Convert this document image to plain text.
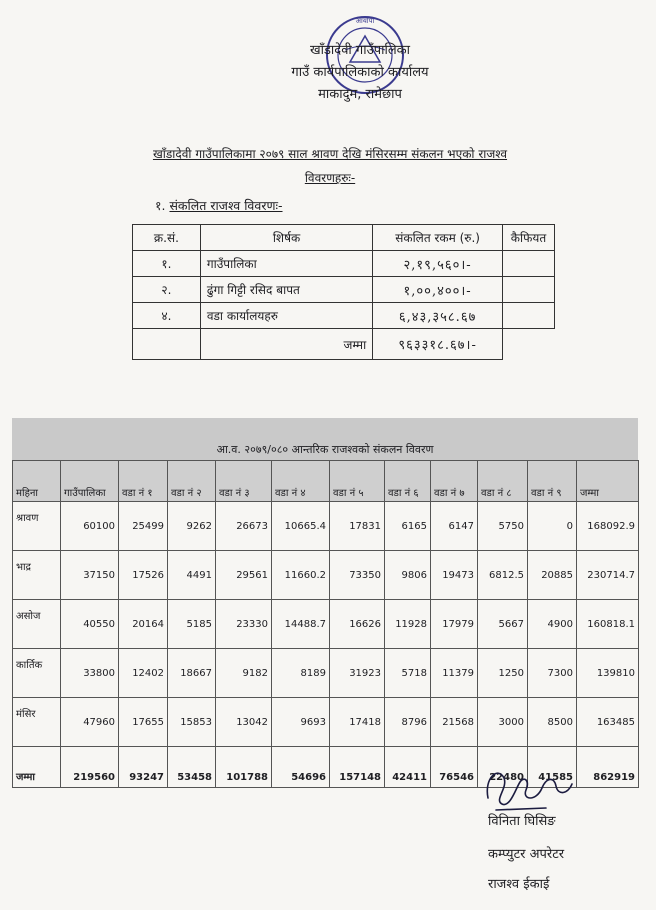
आर्यापा
खाँडादेवी गाउँपालिका
गाउँ कार्यपालिकाको कार्यालय
माकादुम, रामेछाप
खाँडादेवी गाउँपालिकामा २०७९ साल श्रावण देखि मंसिरसम्म संकलन भएको राजश्व
विवरणहरुः-
१. संकलित राजश्व विवरणः-
क्र.सं.	शिर्षक	संकलित रकम (रु.)	कैफियत
१.	गाउँपालिका	२,१९,५६०।-	
२.	ढुंगा गिट्टी रसिद बापत	१,००,४००।-	
४.	वडा कार्यालयहरु	६,४३,३५८.६७	
	जम्मा	९६३३१८.६७।-	
आ.व. २०७९/०८० आन्तरिक राजश्वको संकलन विवरण
महिना	गाउँपालिका	वडा नं १	वडा नं २	वडा नं ३	वडा नं ४	वडा नं ५	वडा नं ६	वडा नं ७	वडा नं ८	वडा नं ९	जम्मा
श्रावण	60100	25499	9262	26673	10665.4	17831	6165	6147	5750	0	168092.9
भाद्र	37150	17526	4491	29561	11660.2	73350	9806	19473	6812.5	20885	230714.7
असोज	40550	20164	5185	23330	14488.7	16626	11928	17979	5667	4900	160818.1
कार्तिक	33800	12402	18667	9182	8189	31923	5718	11379	1250	7300	139810
मंसिर	47960	17655	15853	13042	9693	17418	8796	21568	3000	8500	163485
जम्मा	219560	93247	53458	101788	54696	157148	42411	76546	22480	41585	862919
विनिता घिसिङ
कम्प्युटर अपरेटर
राजश्व ईकाई
